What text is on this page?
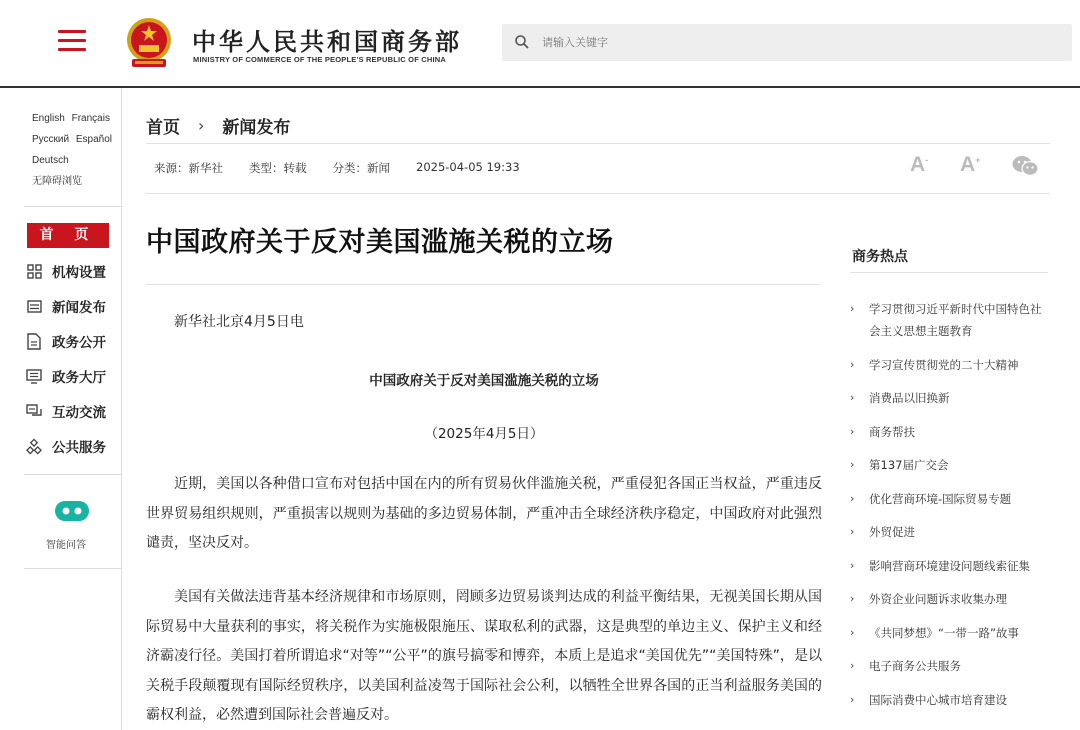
中华人民共和国商务部
MINISTRY OF COMMERCE OF THE PEOPLE'S REPUBLIC OF CHINA
请输入关键字
English Français
Русский Español
Deutsch
无障碍浏览
首 页
机构设置
新闻发布
政务公开
政务大厅
互动交流
公共服务
智能问答
首页 › 新闻发布
来源：新华社 类型：转载 分类：新闻 2025-04-05 19:33	A- A+
中国政府关于反对美国滥施关税的立场
新华社北京4月5日电
中国政府关于反对美国滥施关税的立场
（2025年4月5日）
近期，美国以各种借口宣布对包括中国在内的所有贸易伙伴滥施关税，严重侵犯各国正当权益，严重违反世界贸易组织规则，严重损害以规则为基础的多边贸易体制，严重冲击全球经济秩序稳定，中国政府对此强烈谴责，坚决反对。
美国有关做法违背基本经济规律和市场原则，罔顾多边贸易谈判达成的利益平衡结果，无视美国长期从国际贸易中大量获利的事实，将关税作为实施极限施压、谋取私利的武器，这是典型的单边主义、保护主义和经济霸凌行径。美国打着所谓追求“对等”“公平”的旗号搞零和博弈，本质上是追求“美国优先”“美国特殊”，是以关税手段颠覆现有国际经贸秩序，以美国利益凌驾于国际社会公利，以牺牲全世界各国的正当利益服务美国的霸权利益，必然遭到国际社会普遍反对。
商务热点
› 学习贯彻习近平新时代中国特色社会主义思想主题教育
› 学习宣传贯彻党的二十大精神
› 消费品以旧换新
› 商务帮扶
› 第137届广交会
› 优化营商环境-国际贸易专题
› 外贸促进
› 影响营商环境建设问题线索征集
› 外资企业问题诉求收集办理
› 《共同梦想》“一带一路”故事
› 电子商务公共服务
› 国际消费中心城市培育建设
